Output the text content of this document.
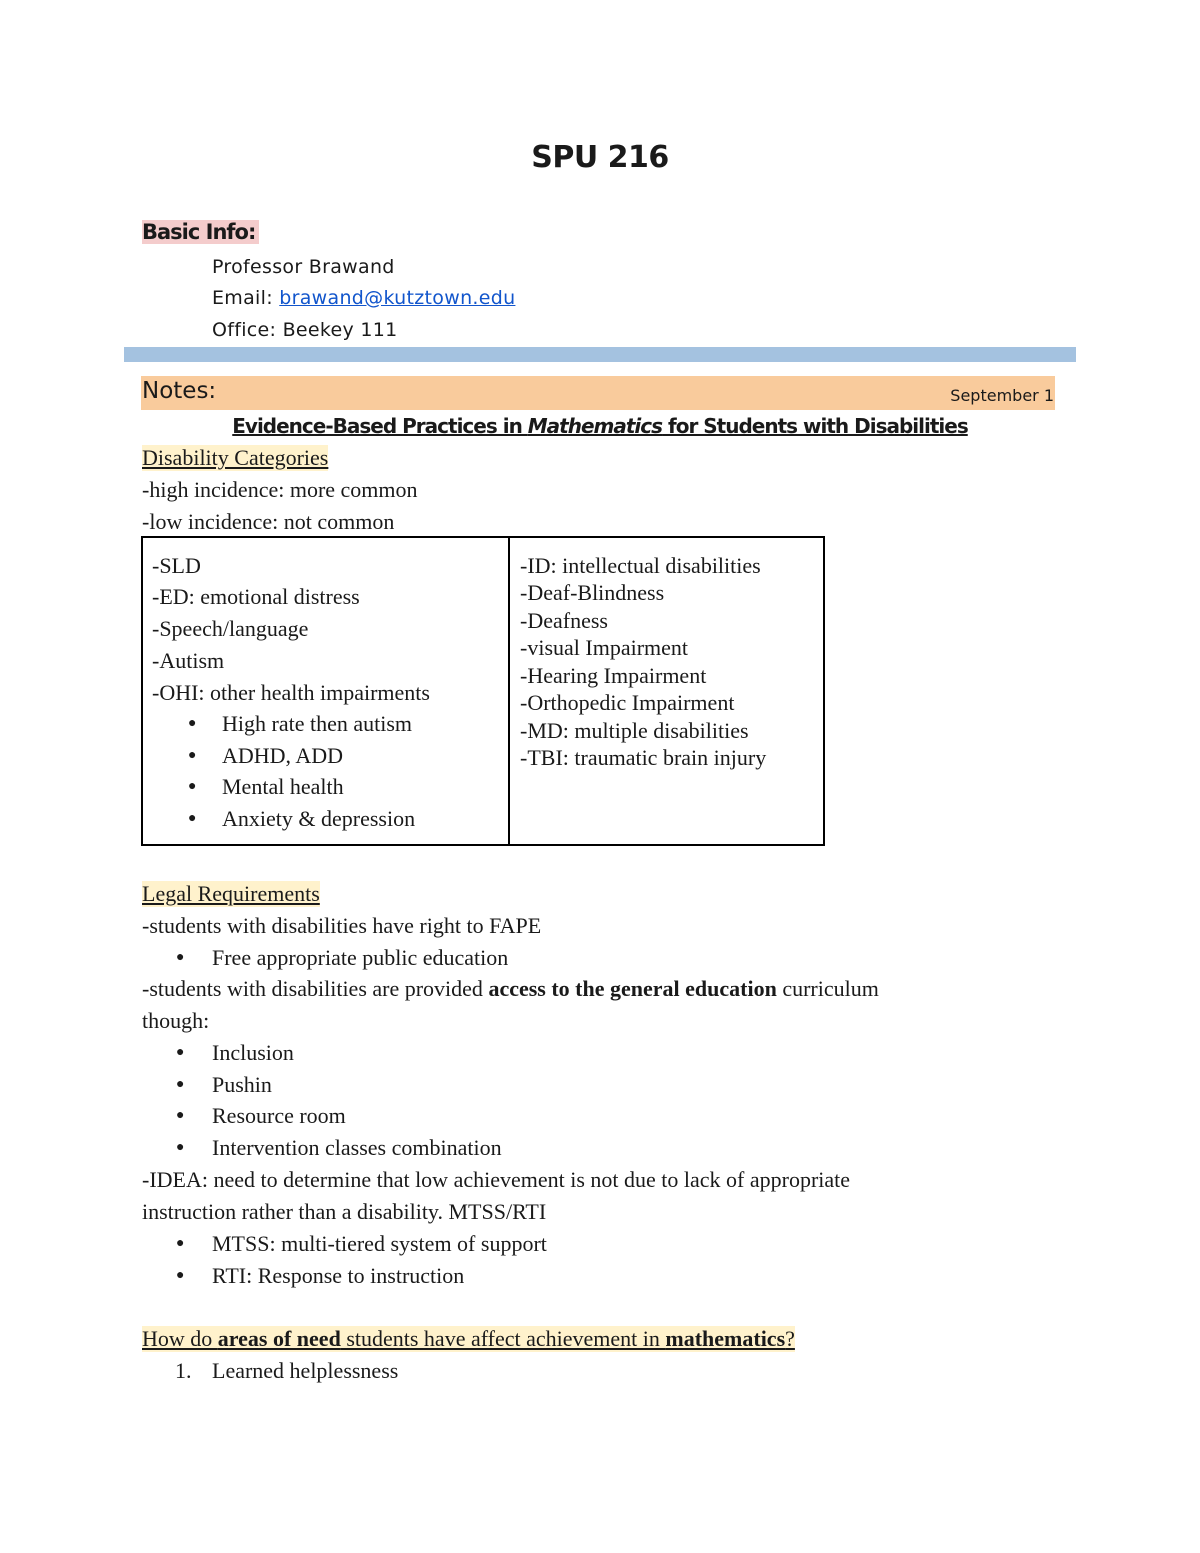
SPU 216
Basic Info:
Professor Brawand
Email: brawand@kutztown.edu
Office: Beekey 111
Notes:	September 1
Evidence-Based Practices in Mathematics for Students with Disabilities
Disability Categories
-high incidence: more common
-low incidence: not common
-SLD
-ED: emotional distress
-Speech/language
-Autism
-OHI: other health impairments
● High rate then autism
● ADHD, ADD
● Mental health
● Anxiety & depression
-ID: intellectual disabilities
-Deaf-Blindness
-Deafness
-visual Impairment
-Hearing Impairment
-Orthopedic Impairment
-MD: multiple disabilities
-TBI: traumatic brain injury
Legal Requirements
-students with disabilities have right to FAPE
● Free appropriate public education
-students with disabilities are provided access to the general education curriculum
though:
● Inclusion
● Pushin
● Resource room
● Intervention classes combination
-IDEA: need to determine that low achievement is not due to lack of appropriate
instruction rather than a disability. MTSS/RTI
● MTSS: multi-tiered system of support
● RTI: Response to instruction
How do areas of need students have affect achievement in mathematics?
1. Learned helplessness
